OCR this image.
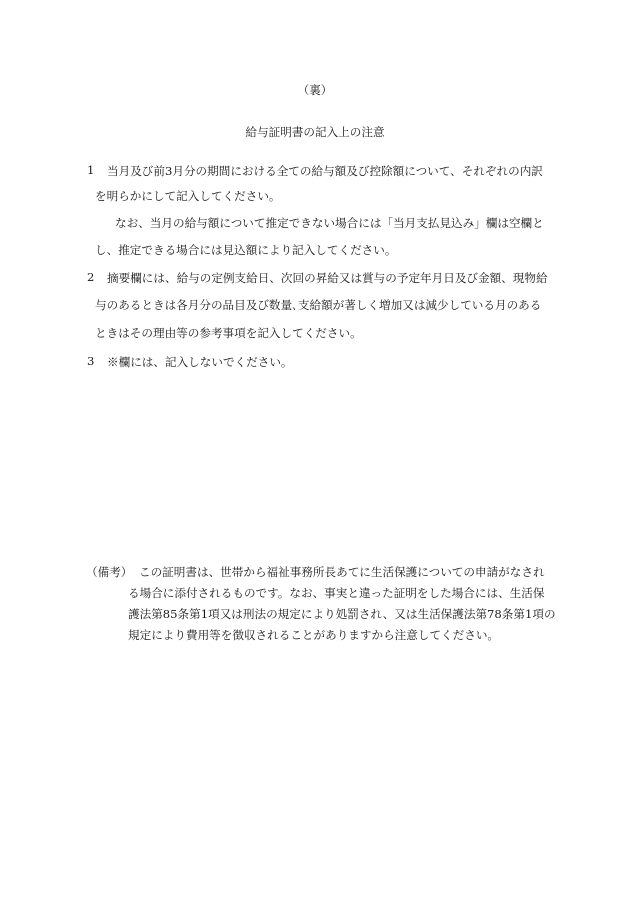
（裏）
給与証明書の記入上の注意
1 当月及び前3月分の期間における全ての給与額及び控除額について、それぞれの内訳
を明らかにして記入してください。
なお、当月の給与額について推定できない場合には「当月支払見込み」欄は空欄と
し、推定できる場合には見込額により記入してください。
2 摘要欄には、給与の定例支給日、次回の昇給又は賞与の予定年月日及び金額、現物給
与のあるときは各月分の品目及び数量､支給額が著しく増加又は減少している月のある
ときはその理由等の参考事項を記入してください。
3 ※欄には、記入しないでください。
（備考） この証明書は、世帯から福祉事務所長あてに生活保護についての申請がなされ
る場合に添付されるものです。なお、事実と違った証明をした場合には、生活保
護法第85条第1項又は刑法の規定により処罰され、又は生活保護法第78条第1項の
規定により費用等を徴収されることがありますから注意してください。
